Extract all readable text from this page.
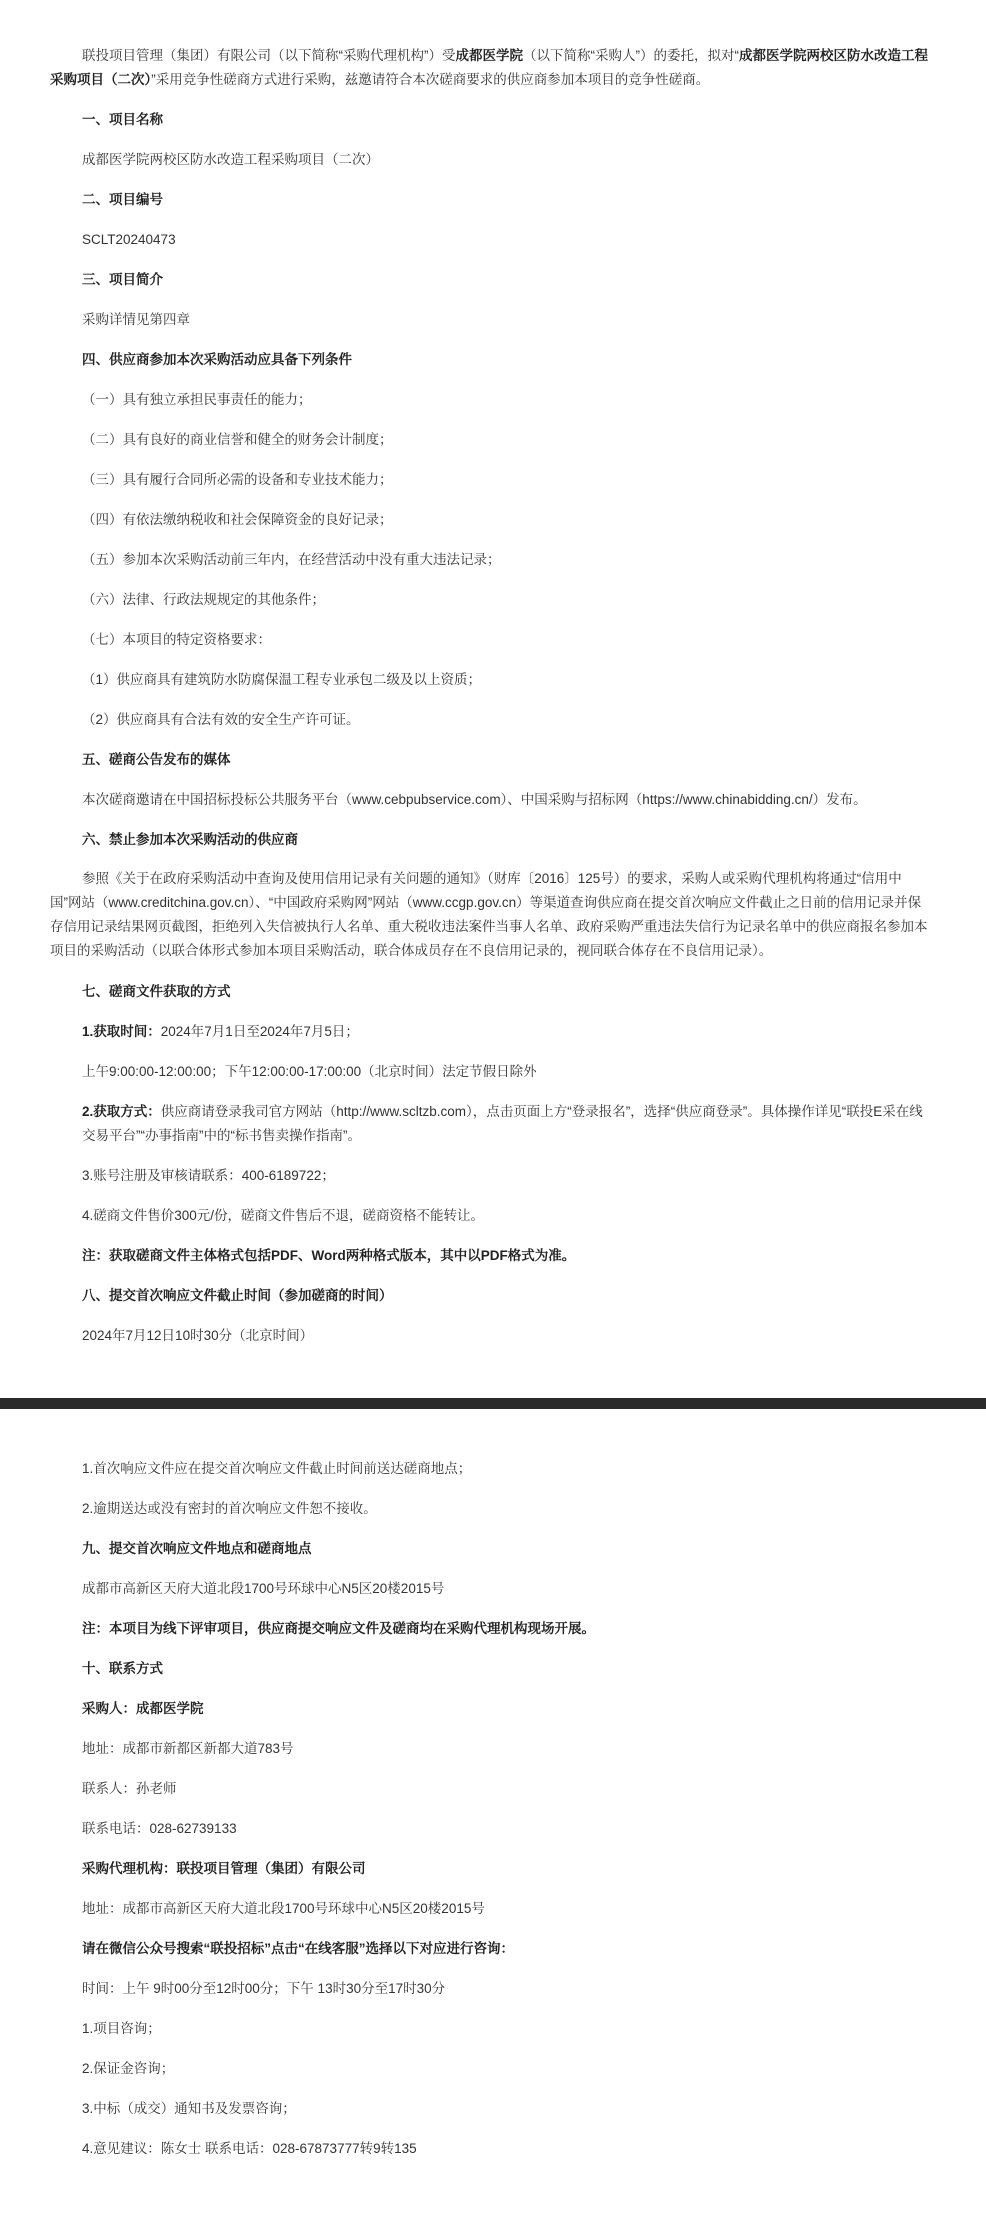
联投项目管理（集团）有限公司（以下简称“采购代理机构”）受成都医学院（以下简称“采购人”）的委托，拟对“成都医学院两校区防水改造工程采购项目（二次）”采用竞争性磋商方式进行采购，兹邀请符合本次磋商要求的供应商参加本项目的竞争性磋商。
一、项目名称
成都医学院两校区防水改造工程采购项目（二次）
二、项目编号
SCLT20240473
三、项目简介
采购详情见第四章
四、供应商参加本次采购活动应具备下列条件
（一）具有独立承担民事责任的能力；
（二）具有良好的商业信誉和健全的财务会计制度；
（三）具有履行合同所必需的设备和专业技术能力；
（四）有依法缴纳税收和社会保障资金的良好记录；
（五）参加本次采购活动前三年内，在经营活动中没有重大违法记录；
（六）法律、行政法规规定的其他条件；
（七）本项目的特定资格要求：
（1）供应商具有建筑防水防腐保温工程专业承包二级及以上资质；
（2）供应商具有合法有效的安全生产许可证。
五、磋商公告发布的媒体
本次磋商邀请在中国招标投标公共服务平台（www.cebpubservice.com）、中国采购与招标网（https://www.chinabidding.cn/）发布。
六、禁止参加本次采购活动的供应商
参照《关于在政府采购活动中查询及使用信用记录有关问题的通知》（财库〔2016〕125号）的要求，采购人或采购代理机构将通过“信用中国”网站（www.creditchina.gov.cn）、“中国政府采购网”网站（www.ccgp.gov.cn）等渠道查询供应商在提交首次响应文件截止之日前的信用记录并保存信用记录结果网页截图，拒绝列入失信被执行人名单、重大税收违法案件当事人名单、政府采购严重违法失信行为记录名单中的供应商报名参加本项目的采购活动（以联合体形式参加本项目采购活动，联合体成员存在不良信用记录的，视同联合体存在不良信用记录）。
七、磋商文件获取的方式
1.获取时间：2024年7月1日至2024年7月5日；
上午9:00:00-12:00:00；下午12:00:00-17:00:00（北京时间）法定节假日除外
2.获取方式：供应商请登录我司官方网站（http://www.scltzb.com），点击页面上方“登录报名”，选择“供应商登录”。具体操作详见“联投E采在线交易平台”“办事指南”中的“标书售卖操作指南”。
3.账号注册及审核请联系：400-6189722；
4.磋商文件售价300元/份，磋商文件售后不退，磋商资格不能转让。
注：获取磋商文件主体格式包括PDF、Word两种格式版本，其中以PDF格式为准。
八、提交首次响应文件截止时间（参加磋商的时间）
2024年7月12日10时30分（北京时间）
1.首次响应文件应在提交首次响应文件截止时间前送达磋商地点；
2.逾期送达或没有密封的首次响应文件恕不接收。
九、提交首次响应文件地点和磋商地点
成都市高新区天府大道北段1700号环球中心N5区20楼2015号
注：本项目为线下评审项目，供应商提交响应文件及磋商均在采购代理机构现场开展。
十、联系方式
采购人：成都医学院
地址：成都市新都区新都大道783号
联系人：孙老师
联系电话：028-62739133
采购代理机构：联投项目管理（集团）有限公司
地址：成都市高新区天府大道北段1700号环球中心N5区20楼2015号
请在微信公众号搜索“联投招标”点击“在线客服”选择以下对应进行咨询：
时间：上午 9时00分至12时00分；下午 13时30分至17时30分
1.项目咨询；
2.保证金咨询；
3.中标（成交）通知书及发票咨询；
4.意见建议：陈女士 联系电话：028-67873777转9转135
